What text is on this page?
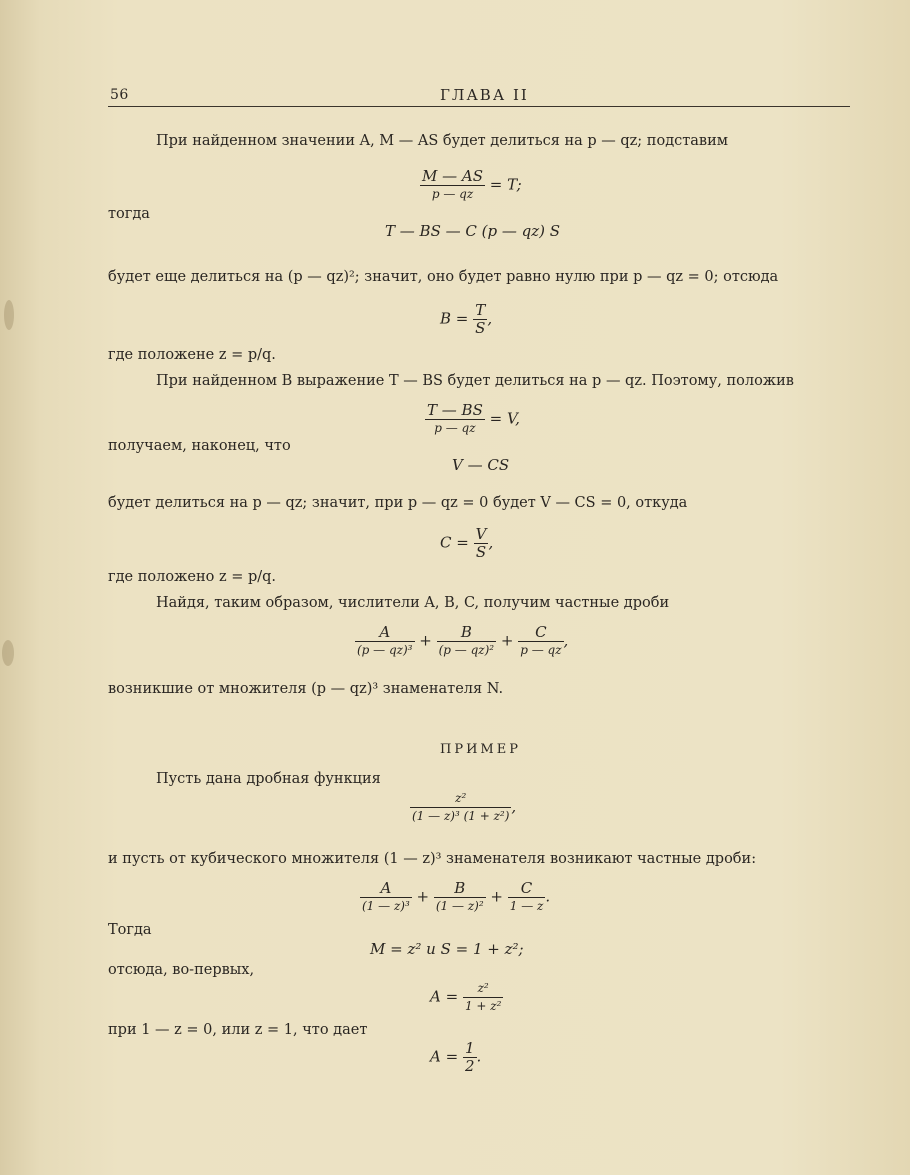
56	ГЛАВА II
При найденном значении A, M — AS будет делиться на p — qz; подставим
$\frac{M — AS}{p — qz} = T$;
тогда
T — BS — C (p — qz) S
будет еще делиться на (p — qz)²; значит, оно будет равно нулю при p — qz = 0; отсюда
$B = \frac{T}{S}$ ,
где положене z = p/q.
При найденном B выражение T — BS будет делиться на p — qz. Поэтому, положив
$\frac{T — BS}{p — qz} = V$,
получаем, наконец, что
V — CS
будет делиться на p — qz; значит, при p — qz = 0 будет V — CS = 0, откуда
$C = \frac{V}{S}$ ,
где положено z = p/q.
Найдя, таким образом, числители A, B, C, получим частные дроби
$\frac{A}{\text{(p — qz)³}} + \frac{B}{\text{(p — qz)²}} + \frac{C}{p — qz}$ ,
возникшие от множителя (p — qz)³ знаменателя N.
ПРИМЕР
Пусть дана дробная функция
$\frac{\text{z²}}{\text{(1 — z)³ (1 + z²)}}$ ,
и пусть от кубического множителя (1 — z)³ знаменателя возникают частные дроби:
$\frac{A}{\text{(1 — z)³}} + \frac{B}{\text{(1 — z)²}} + \frac{C}{1 — z}$ .
Тогда
M = z² и S = 1 + z²;
отсюда, во-первых,
$A = \frac{\text{z²}}{\text{1 + z²}}$
при 1 — z = 0, или z = 1, что дает
$A = \frac{1}{2}$ .
